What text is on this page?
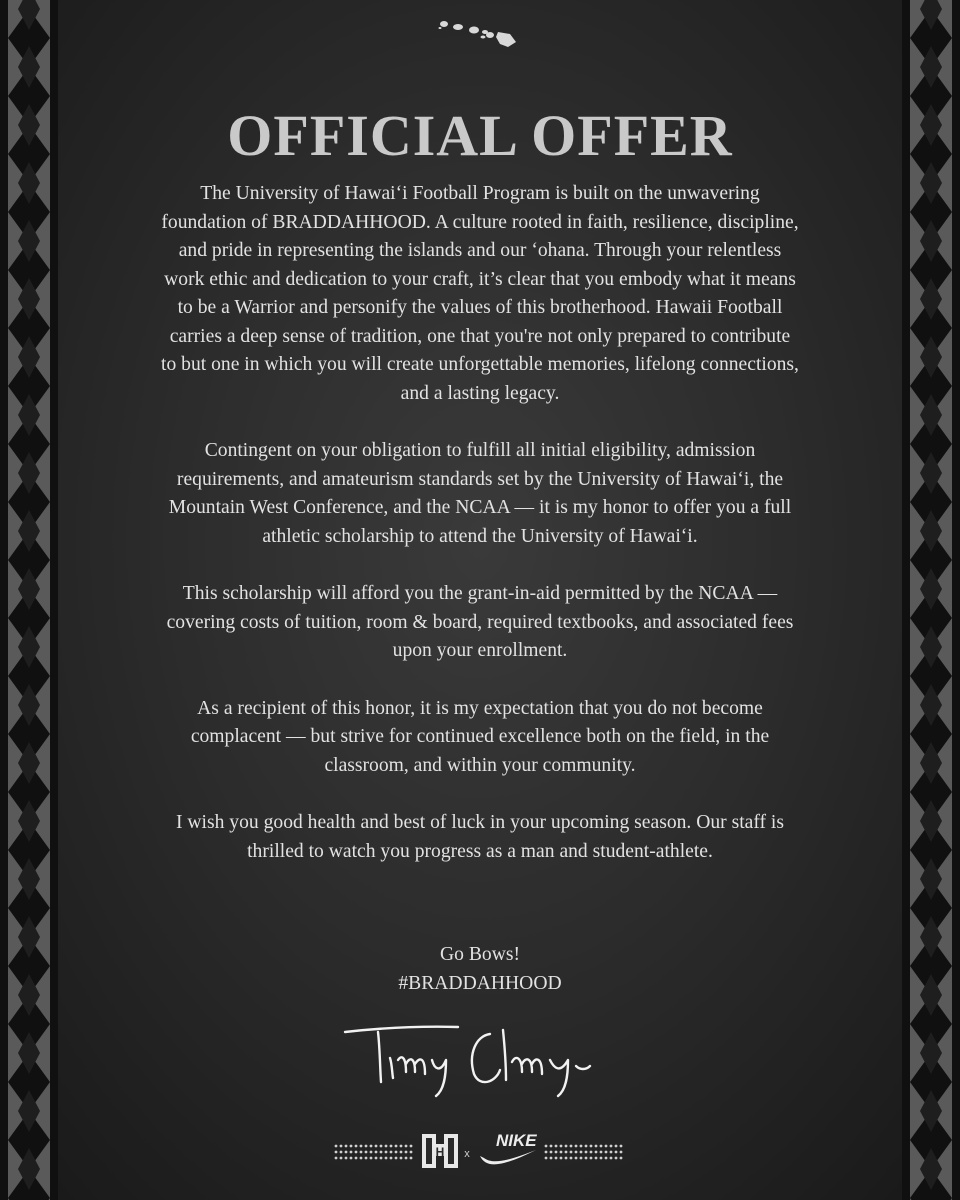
OFFICIAL OFFER

The University of Hawai‘i Football Program is built on the unwavering foundation of BRADDAHHOOD. A culture rooted in faith, resilience, discipline, and pride in representing the islands and our ‘ohana. Through your relentless work ethic and dedication to your craft, it’s clear that you embody what it means to be a Warrior and personify the values of this brotherhood. Hawaii Football carries a deep sense of tradition, one that you're not only prepared to contribute to but one in which you will create unforgettable memories, lifelong connections, and a lasting legacy.

Contingent on your obligation to fulfill all initial eligibility, admission requirements, and amateurism standards set by the University of Hawai‘i, the Mountain West Conference, and the NCAA — it is my honor to offer you a full athletic scholarship to attend the University of Hawai‘i.

This scholarship will afford you the grant-in-aid permitted by the NCAA — covering costs of tuition, room & board, required textbooks, and associated fees upon your enrollment.

As a recipient of this honor, it is my expectation that you do not become complacent — but strive for continued excellence both on the field, in the classroom, and within your community.

I wish you good health and best of luck in your upcoming season. Our staff is thrilled to watch you progress as a man and student-athlete.

Go Bows!
#BRADDAHHOOD
H x
NIKE
